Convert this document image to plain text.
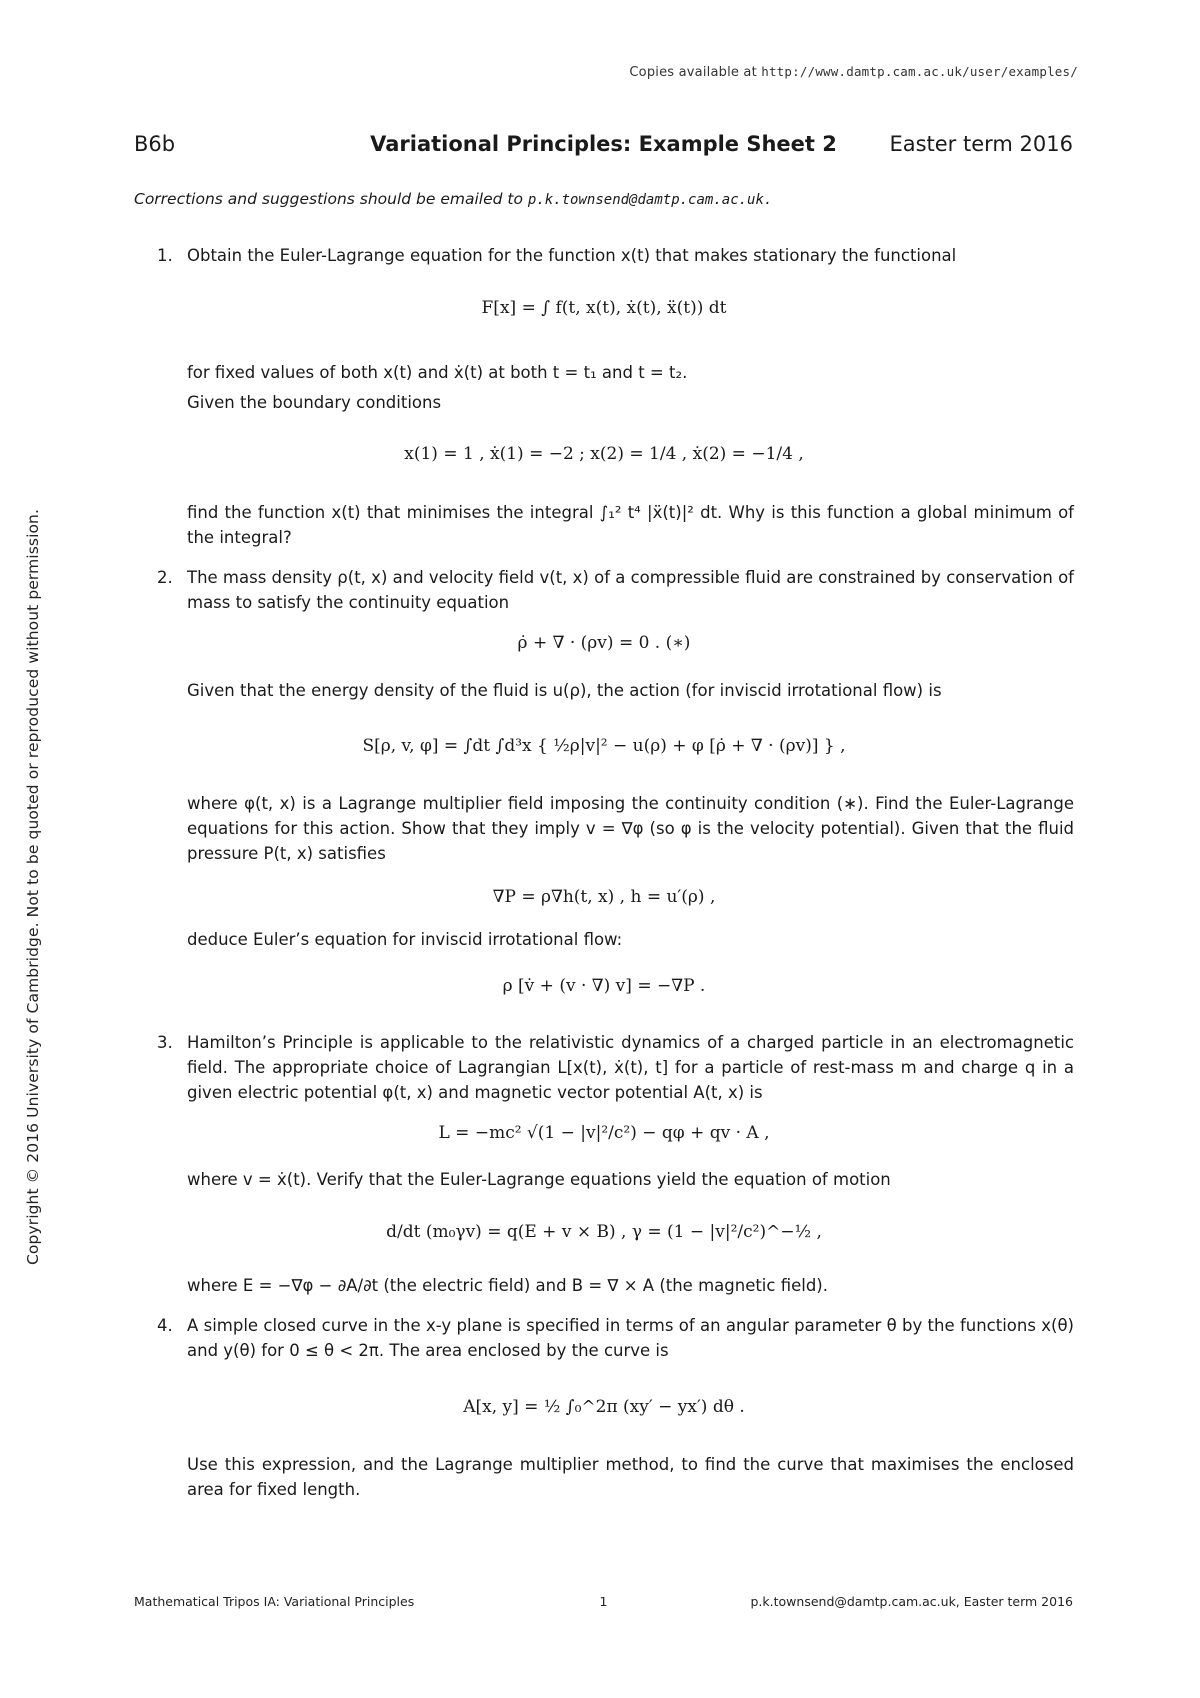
Copies available at http://www.damtp.cam.ac.uk/user/examples/
B6b	Variational Principles: Example Sheet 2	Easter term 2016
Corrections and suggestions should be emailed to p.k.townsend@damtp.cam.ac.uk.
Copyright © 2016 University of Cambridge. Not to be quoted or reproduced without permission.
1. Obtain the Euler-Lagrange equation for the function x(t) that makes stationary the functional
F[x] = ∫ f(t, x(t), ẋ(t), ẍ(t)) dt
for fixed values of both x(t) and ẋ(t) at both t = t₁ and t = t₂.
Given the boundary conditions
x(1) = 1 , ẋ(1) = −2 ; x(2) = 1/4 , ẋ(2) = −1/4 ,
find the function x(t) that minimises the integral ∫₁² t⁴ |ẍ(t)|² dt. Why is this function a global minimum of the integral?
2. The mass density ρ(t, x) and velocity field v(t, x) of a compressible fluid are constrained by conservation of mass to satisfy the continuity equation
ρ̇ + ∇ · (ρv) = 0 . (∗)
Given that the energy density of the fluid is u(ρ), the action (for inviscid irrotational flow) is
S[ρ, v, φ] = ∫dt ∫d³x { ½ρ|v|² − u(ρ) + φ [ρ̇ + ∇ · (ρv)] } ,
where φ(t, x) is a Lagrange multiplier field imposing the continuity condition (∗). Find the Euler-Lagrange equations for this action. Show that they imply v = ∇φ (so φ is the velocity potential). Given that the fluid pressure P(t, x) satisfies
∇P = ρ∇h(t, x) , h = u′(ρ) ,
deduce Euler’s equation for inviscid irrotational flow:
ρ [v̇ + (v · ∇) v] = −∇P .
3. Hamilton’s Principle is applicable to the relativistic dynamics of a charged particle in an electromagnetic field. The appropriate choice of Lagrangian L[x(t), ẋ(t), t] for a particle of rest-mass m and charge q in a given electric potential φ(t, x) and magnetic vector potential A(t, x) is
L = −mc² √(1 − |v|²/c²) − qφ + qv · A ,
where v = ẋ(t). Verify that the Euler-Lagrange equations yield the equation of motion
d/dt (m₀γv) = q(E + v × B) , γ = (1 − |v|²/c²)^−½ ,
where E = −∇φ − ∂A/∂t (the electric field) and B = ∇ × A (the magnetic field).
4. A simple closed curve in the x-y plane is specified in terms of an angular parameter θ by the functions x(θ) and y(θ) for 0 ≤ θ < 2π. The area enclosed by the curve is
A[x, y] = ½ ∫₀^2π (xy′ − yx′) dθ .
Use this expression, and the Lagrange multiplier method, to find the curve that maximises the enclosed area for fixed length.
Mathematical Tripos IA: Variational Principles	1	p.k.townsend@damtp.cam.ac.uk, Easter term 2016
